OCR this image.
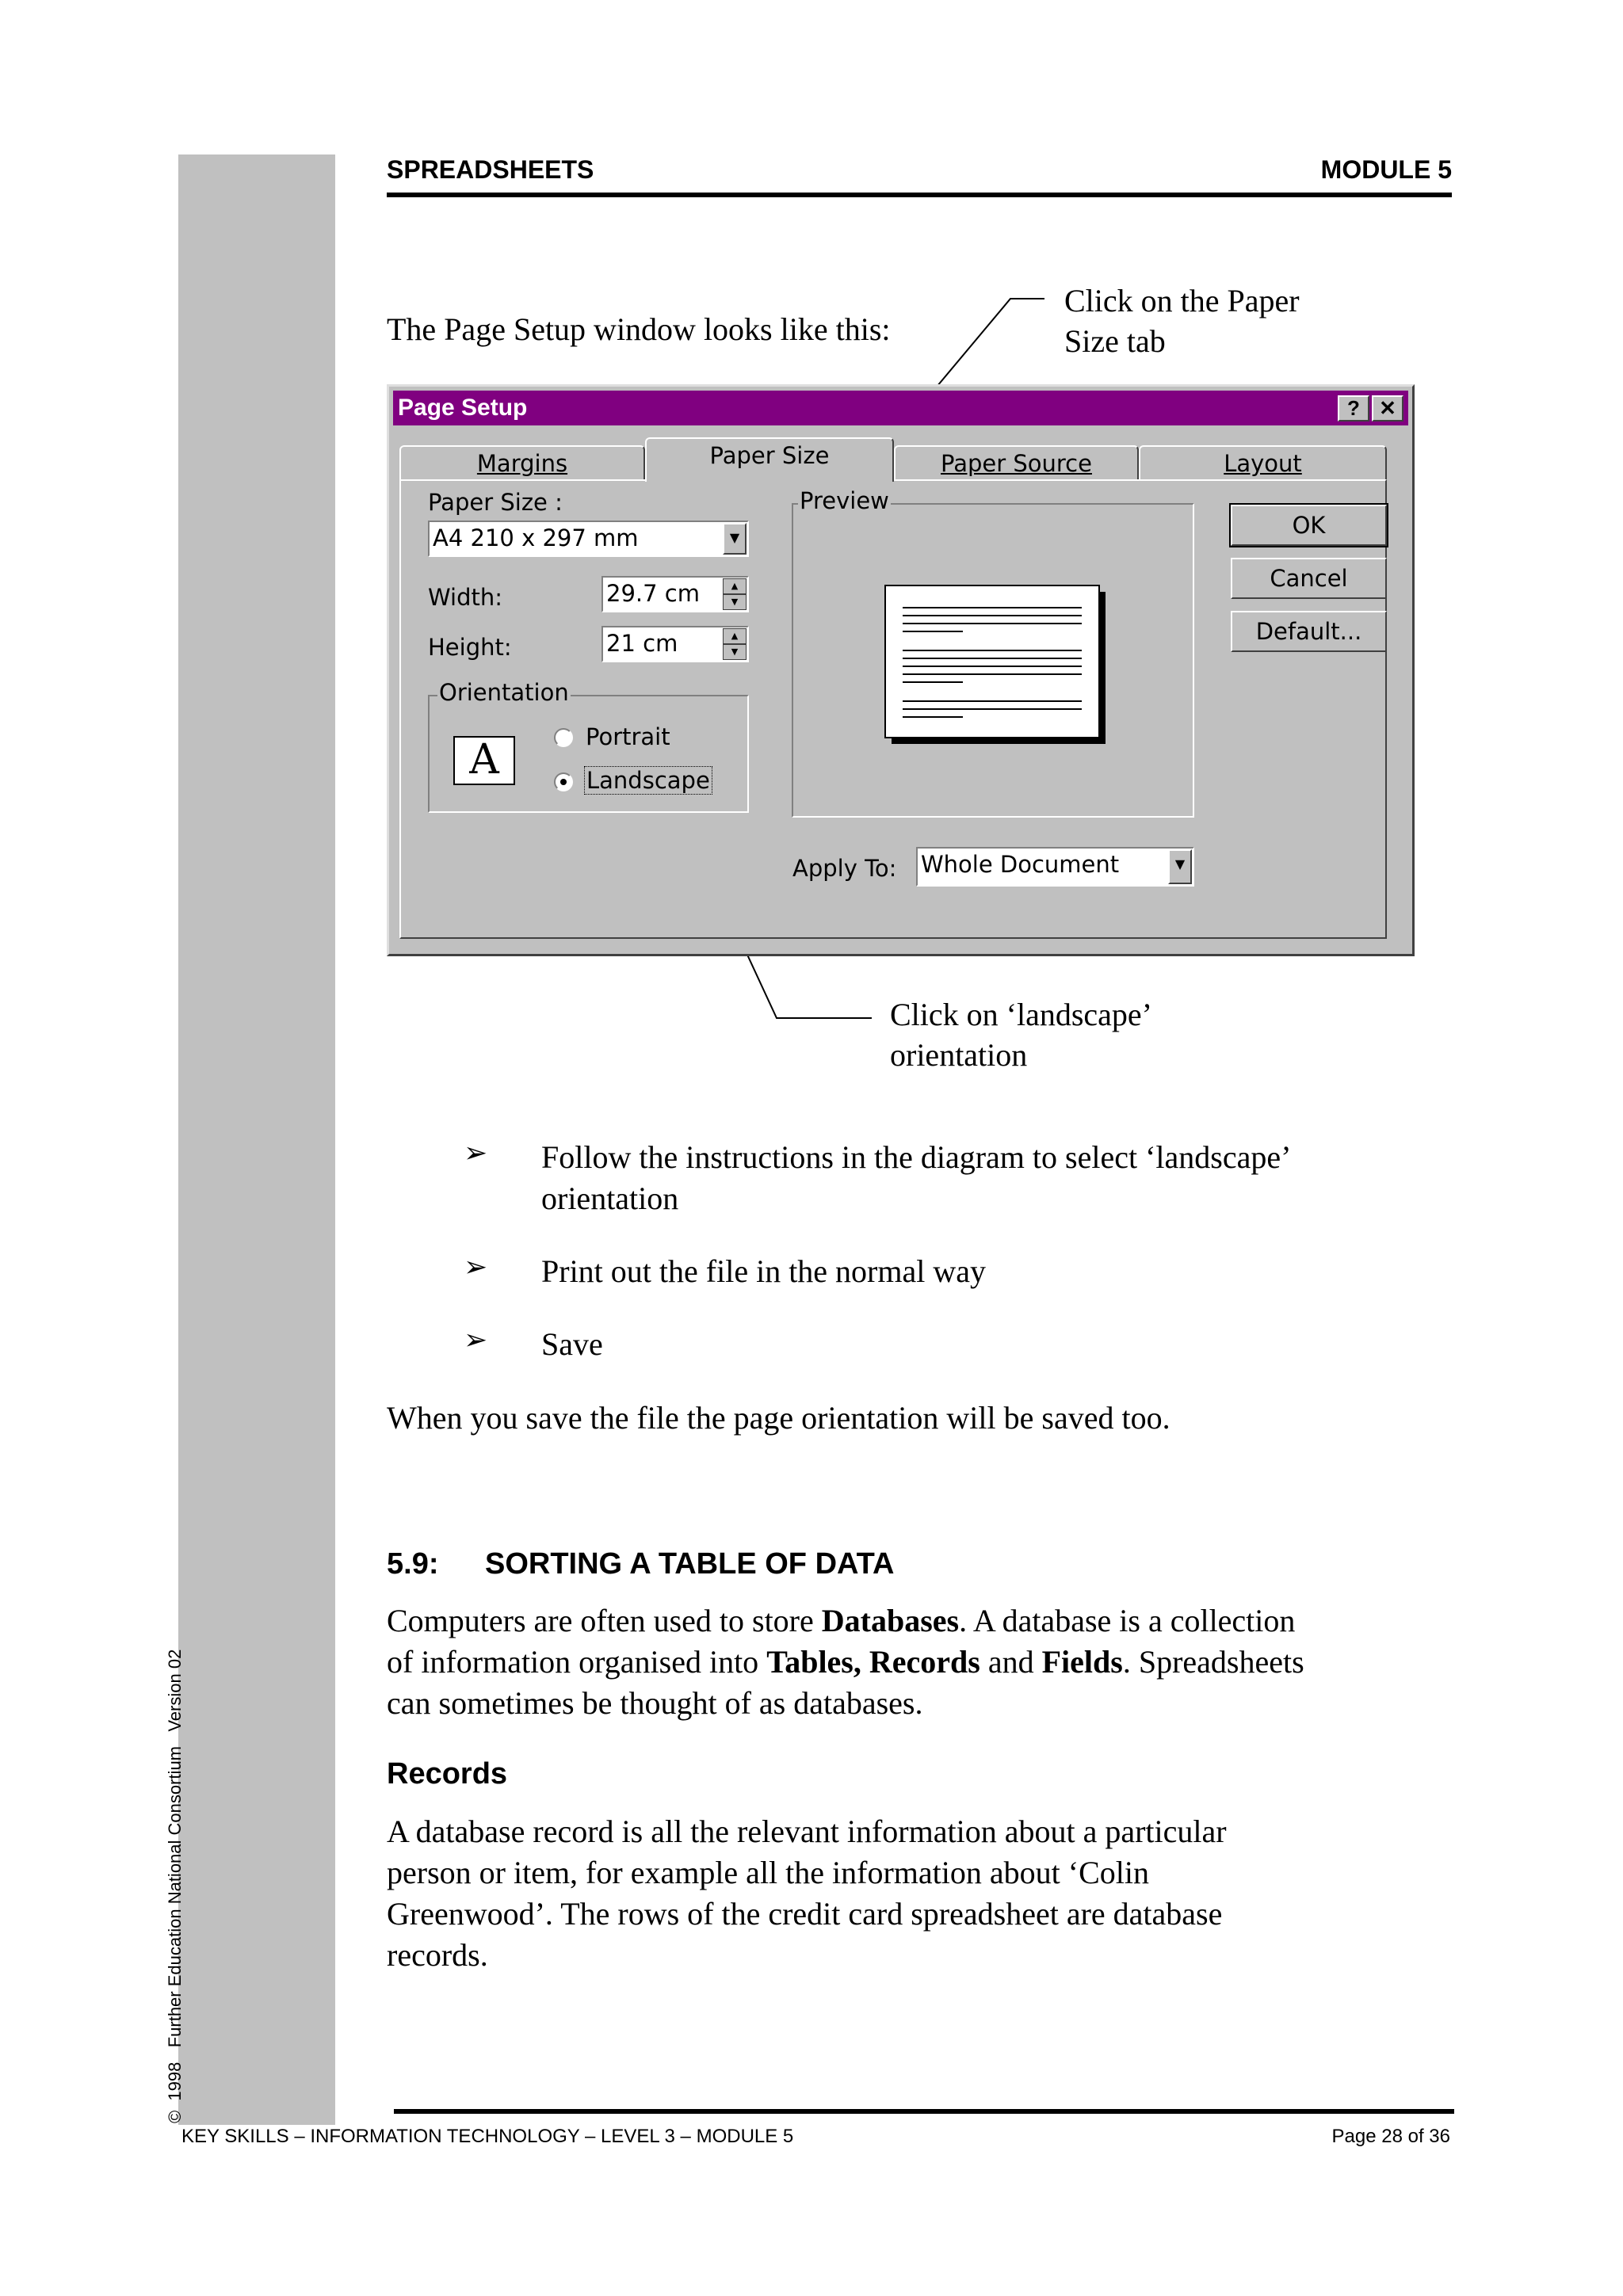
©  1998   Further Education National Consortium   Version 02
SPREADSHEETS	MODULE 5
The Page Setup window looks like this:
Click on the Paper
Size tab
Page Setup	? ✕
Margins	Paper Size	Paper Source	Layout
Paper Size :
A4 210 x 297 mm	▼
Width:	29.7 cm	▲
▼
Height:	21 cm	▲
▼
Orientation
A	Portrait
Landscape
Preview
Apply To: Whole Document	▼
OK
Cancel
Default...
Click on ‘landscape’
orientation
➢ Follow the instructions in the diagram to select ‘landscape’
orientation
➢ Print out the file in the normal way
➢ Save
When you save the file the page orientation will be saved too.
5.9: SORTING A TABLE OF DATA
Computers are often used to store Databases. A database is a collection
of information organised into Tables, Records and Fields. Spreadsheets
can sometimes be thought of as databases.
Records
A database record is all the relevant information about a particular
person or item, for example all the information about ‘Colin
Greenwood’. The rows of the credit card spreadsheet are database
records.
KEY SKILLS – INFORMATION TECHNOLOGY – LEVEL 3 – MODULE 5	Page 28 of 36
